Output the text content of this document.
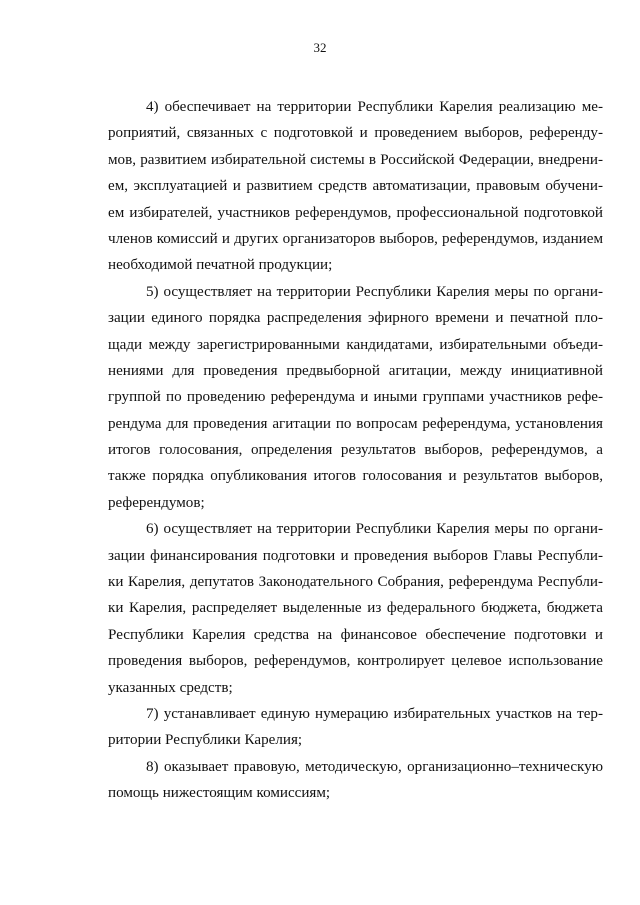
32
4) обеспечивает на территории Республики Карелия реализацию ме-
роприятий, связанных с подготовкой и проведением выборов, референду-
мов, развитием избирательной системы в Российской Федерации, внедрени-
ем, эксплуатацией и развитием средств автоматизации, правовым обучени-
ем избирателей, участников референдумов, профессиональной подготовкой
членов комиссий и других организаторов выборов, референдумов, изданием
необходимой печатной продукции;
5) осуществляет на территории Республики Карелия меры по органи-
зации единого порядка распределения эфирного времени и печатной пло-
щади между зарегистрированными кандидатами, избирательными объеди-
нениями для проведения предвыборной агитации, между инициативной
группой по проведению референдума и иными группами участников рефе-
рендума для проведения агитации по вопросам референдума, установления
итогов голосования, определения результатов выборов, референдумов, а
также порядка опубликования итогов голосования и результатов выборов,
референдумов;
6) осуществляет на территории Республики Карелия меры по органи-
зации финансирования подготовки и проведения выборов Главы Республи-
ки Карелия, депутатов Законодательного Собрания, референдума Республи-
ки Карелия, распределяет выделенные из федерального бюджета, бюджета
Республики Карелия средства на финансовое обеспечение подготовки и
проведения выборов, референдумов, контролирует целевое использование
указанных средств;
7) устанавливает единую нумерацию избирательных участков на тер-
ритории Республики Карелия;
8) оказывает правовую, методическую, организационно–техническую
помощь нижестоящим комиссиям;
